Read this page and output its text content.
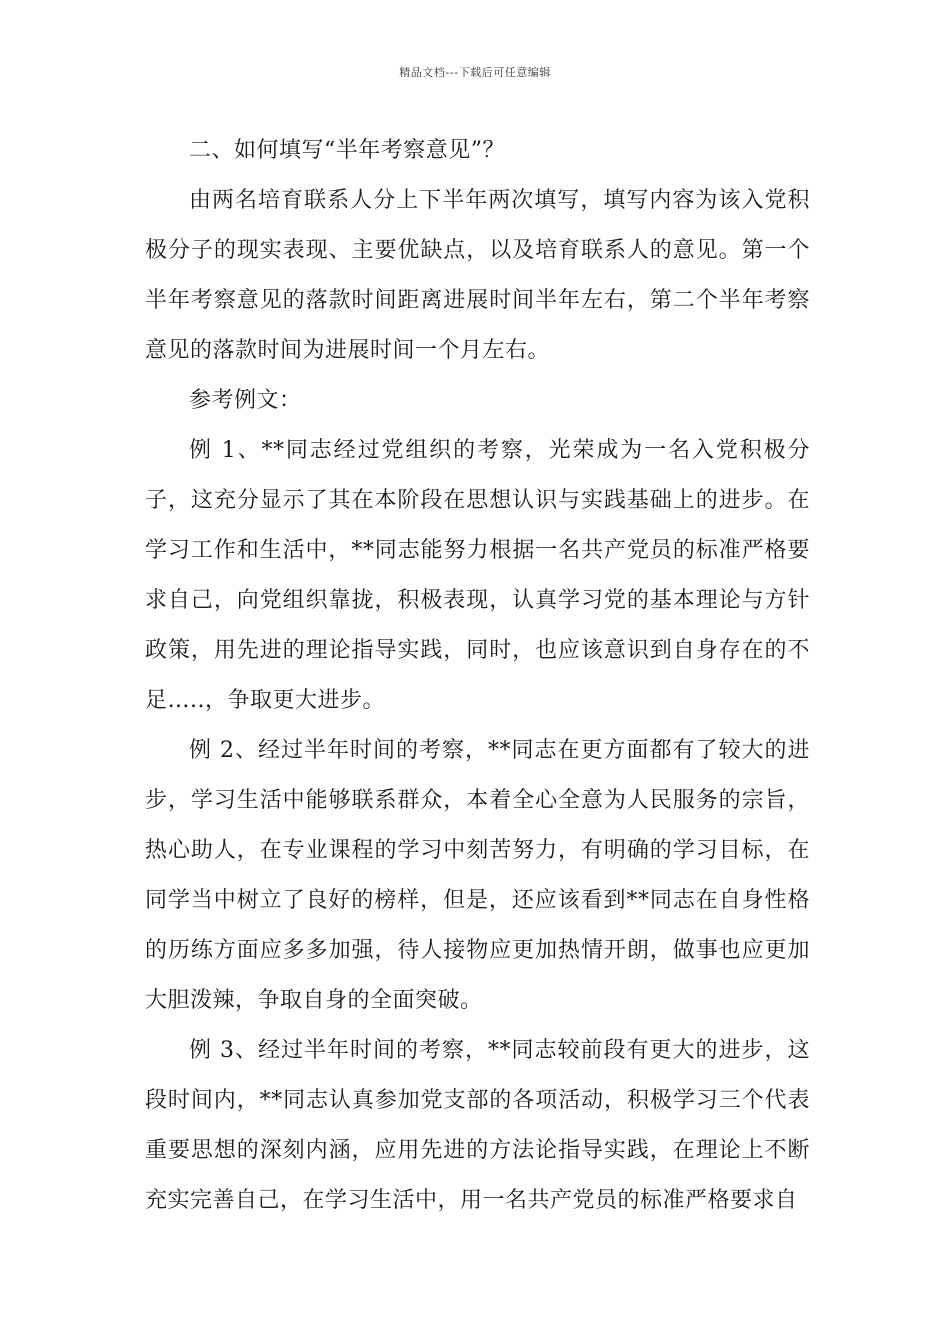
精品文档---下载后可任意编辑

二、如何填写“半年考察意见”？

由两名培育联系人分上下半年两次填写，填写内容为该入党积极分子的现实表现、主要优缺点，以及培育联系人的意见。第一个半年考察意见的落款时间距离进展时间半年左右，第二个半年考察意见的落款时间为进展时间一个月左右。

参考例文：

例 1、**同志经过党组织的考察，光荣成为一名入党积极分子，这充分显示了其在本阶段在思想认识与实践基础上的进步。在学习工作和生活中，**同志能努力根据一名共产党员的标准严格要求自己，向党组织靠拢，积极表现，认真学习党的基本理论与方针政策，用先进的理论指导实践，同时，也应该意识到自身存在的不足…..，争取更大进步。

例 2、经过半年时间的考察，**同志在更方面都有了较大的进步，学习生活中能够联系群众，本着全心全意为人民服务的宗旨，热心助人，在专业课程的学习中刻苦努力，有明确的学习目标，在同学当中树立了良好的榜样，但是，还应该看到**同志在自身性格的历练方面应多多加强，待人接物应更加热情开朗，做事也应更加大胆泼辣，争取自身的全面突破。

例 3、经过半年时间的考察，**同志较前段有更大的进步，这段时间内，**同志认真参加党支部的各项活动，积极学习三个代表重要思想的深刻内涵，应用先进的方法论指导实践，在理论上不断充实完善自己，在学习生活中，用一名共产党员的标准严格要求自
